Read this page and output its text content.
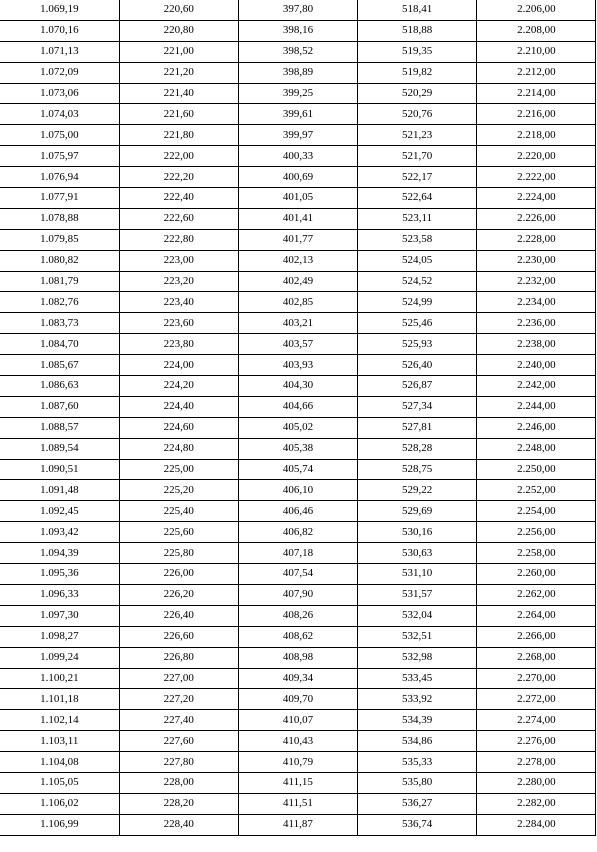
1.069,19	220,60	397,80	518,41	2.206,00
1.070,16	220,80	398,16	518,88	2.208,00
1.071,13	221,00	398,52	519,35	2.210,00
1.072,09	221,20	398,89	519,82	2.212,00
1.073,06	221,40	399,25	520,29	2.214,00
1.074,03	221,60	399,61	520,76	2.216,00
1.075,00	221,80	399,97	521,23	2.218,00
1.075,97	222,00	400,33	521,70	2.220,00
1.076,94	222,20	400,69	522,17	2.222,00
1.077,91	222,40	401,05	522,64	2.224,00
1.078,88	222,60	401,41	523,11	2.226,00
1.079,85	222,80	401,77	523,58	2.228,00
1.080,82	223,00	402,13	524,05	2.230,00
1.081,79	223,20	402,49	524,52	2.232,00
1.082,76	223,40	402,85	524,99	2.234,00
1.083,73	223,60	403,21	525,46	2.236,00
1.084,70	223,80	403,57	525,93	2.238,00
1.085,67	224,00	403,93	526,40	2.240,00
1.086,63	224,20	404,30	526,87	2.242,00
1.087,60	224,40	404,66	527,34	2.244,00
1.088,57	224,60	405,02	527,81	2.246,00
1.089,54	224,80	405,38	528,28	2.248,00
1.090,51	225,00	405,74	528,75	2.250,00
1.091,48	225,20	406,10	529,22	2.252,00
1.092,45	225,40	406,46	529,69	2.254,00
1.093,42	225,60	406,82	530,16	2.256,00
1.094,39	225,80	407,18	530,63	2.258,00
1.095,36	226,00	407,54	531,10	2.260,00
1.096,33	226,20	407,90	531,57	2.262,00
1.097,30	226,40	408,26	532,04	2.264,00
1.098,27	226,60	408,62	532,51	2.266,00
1.099,24	226,80	408,98	532,98	2.268,00
1.100,21	227,00	409,34	533,45	2.270,00
1.101,18	227,20	409,70	533,92	2.272,00
1.102,14	227,40	410,07	534,39	2.274,00
1.103,11	227,60	410,43	534,86	2.276,00
1.104,08	227,80	410,79	535,33	2.278,00
1.105,05	228,00	411,15	535,80	2.280,00
1.106,02	228,20	411,51	536,27	2.282,00
1.106,99	228,40	411,87	536,74	2.284,00
